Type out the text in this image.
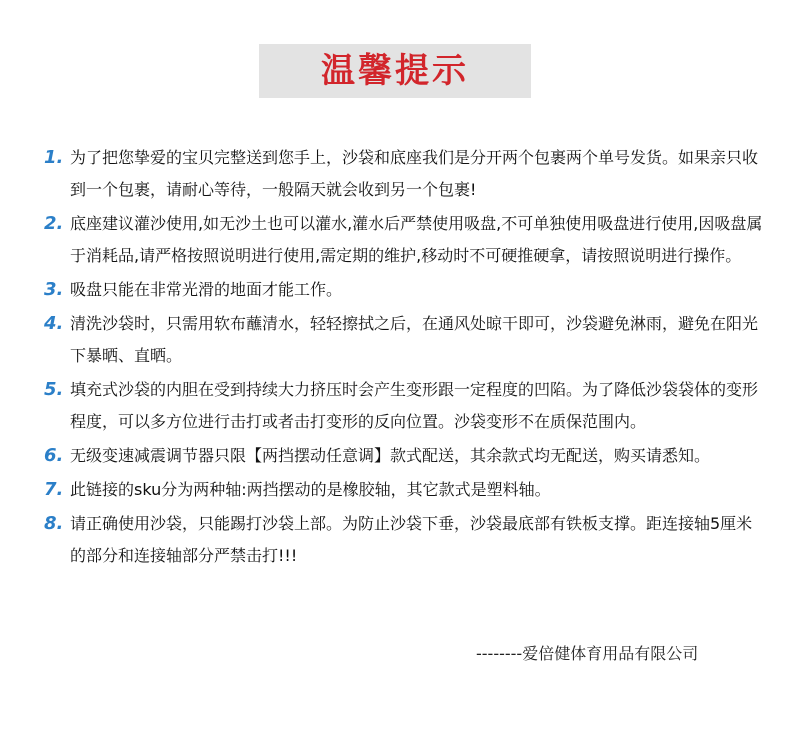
温馨提示
1. 为了把您挚爱的宝贝完整送到您手上，沙袋和底座我们是分开两个包裹两个单号发货。如果亲只收到一个包裹，请耐心等待，一般隔天就会收到另一个包裹!
2. 底座建议灌沙使用,如无沙土也可以灌水,灌水后严禁使用吸盘,不可单独使用吸盘进行使用,因吸盘属于消耗品,请严格按照说明进行使用,需定期的维护,移动时不可硬推硬拿，请按照说明进行操作。
3. 吸盘只能在非常光滑的地面才能工作。
4. 清洗沙袋时，只需用软布蘸清水，轻轻擦拭之后，在通风处晾干即可，沙袋避免淋雨，避免在阳光下暴晒、直晒。
5. 填充式沙袋的内胆在受到持续大力挤压时会产生变形跟一定程度的凹陷。为了降低沙袋袋体的变形程度，可以多方位进行击打或者击打变形的反向位置。沙袋变形不在质保范围内。
6. 无级变速减震调节器只限【两挡摆动任意调】款式配送，其余款式均无配送，购买请悉知。
7. 此链接的sku分为两种轴:两挡摆动的是橡胶轴，其它款式是塑料轴。
8. 请正确使用沙袋，只能踢打沙袋上部。为防止沙袋下垂，沙袋最底部有铁板支撑。距连接轴5厘米的部分和连接轴部分严禁击打!!!
--------爱倍健体育用品有限公司
